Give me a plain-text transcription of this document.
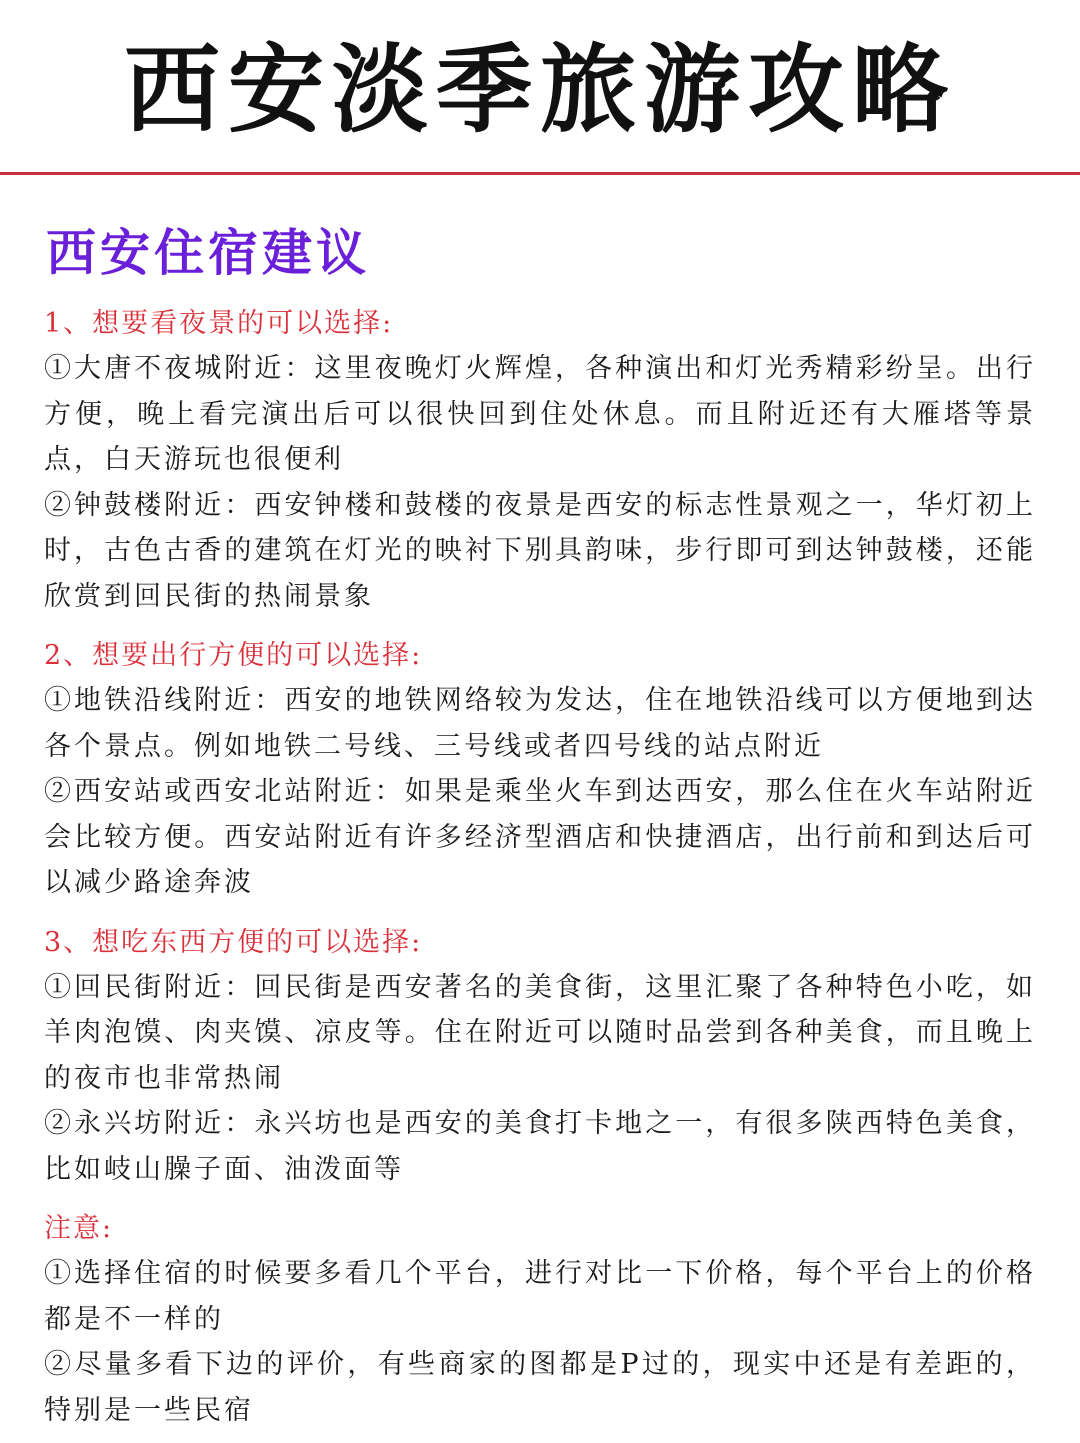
西安淡季旅游攻略
西安住宿建议

1、想要看夜景的可以选择:

①大唐不夜城附近：这里夜晚灯火辉煌，各种演出和灯光秀精彩纷呈。出行方便，晚上看完演出后可以很快回到住处休息。而且附近还有大雁塔等景点，白天游玩也很便利

②钟鼓楼附近：西安钟楼和鼓楼的夜景是西安的标志性景观之一，华灯初上时，古色古香的建筑在灯光的映衬下别具韵味，步行即可到达钟鼓楼，还能欣赏到回民街的热闹景象

2、想要出行方便的可以选择:

①地铁沿线附近：西安的地铁网络较为发达，住在地铁沿线可以方便地到达各个景点。例如地铁二号线、三号线或者四号线的站点附近

②西安站或西安北站附近：如果是乘坐火车到达西安，那么住在火车站附近会比较方便。西安站附近有许多经济型酒店和快捷酒店，出行前和到达后可以减少路途奔波

3、想吃东西方便的可以选择:

①回民街附近：回民街是西安著名的美食街，这里汇聚了各种特色小吃，如羊肉泡馍、肉夹馍、凉皮等。住在附近可以随时品尝到各种美食，而且晚上的夜市也非常热闹

②永兴坊附近：永兴坊也是西安的美食打卡地之一，有很多陕西特色美食，比如岐山臊子面、油泼面等

注意:

①选择住宿的时候要多看几个平台，进行对比一下价格，每个平台上的价格都是不一样的

②尽量多看下边的评价，有些商家的图都是P过的，现实中还是有差距的，特别是一些民宿
